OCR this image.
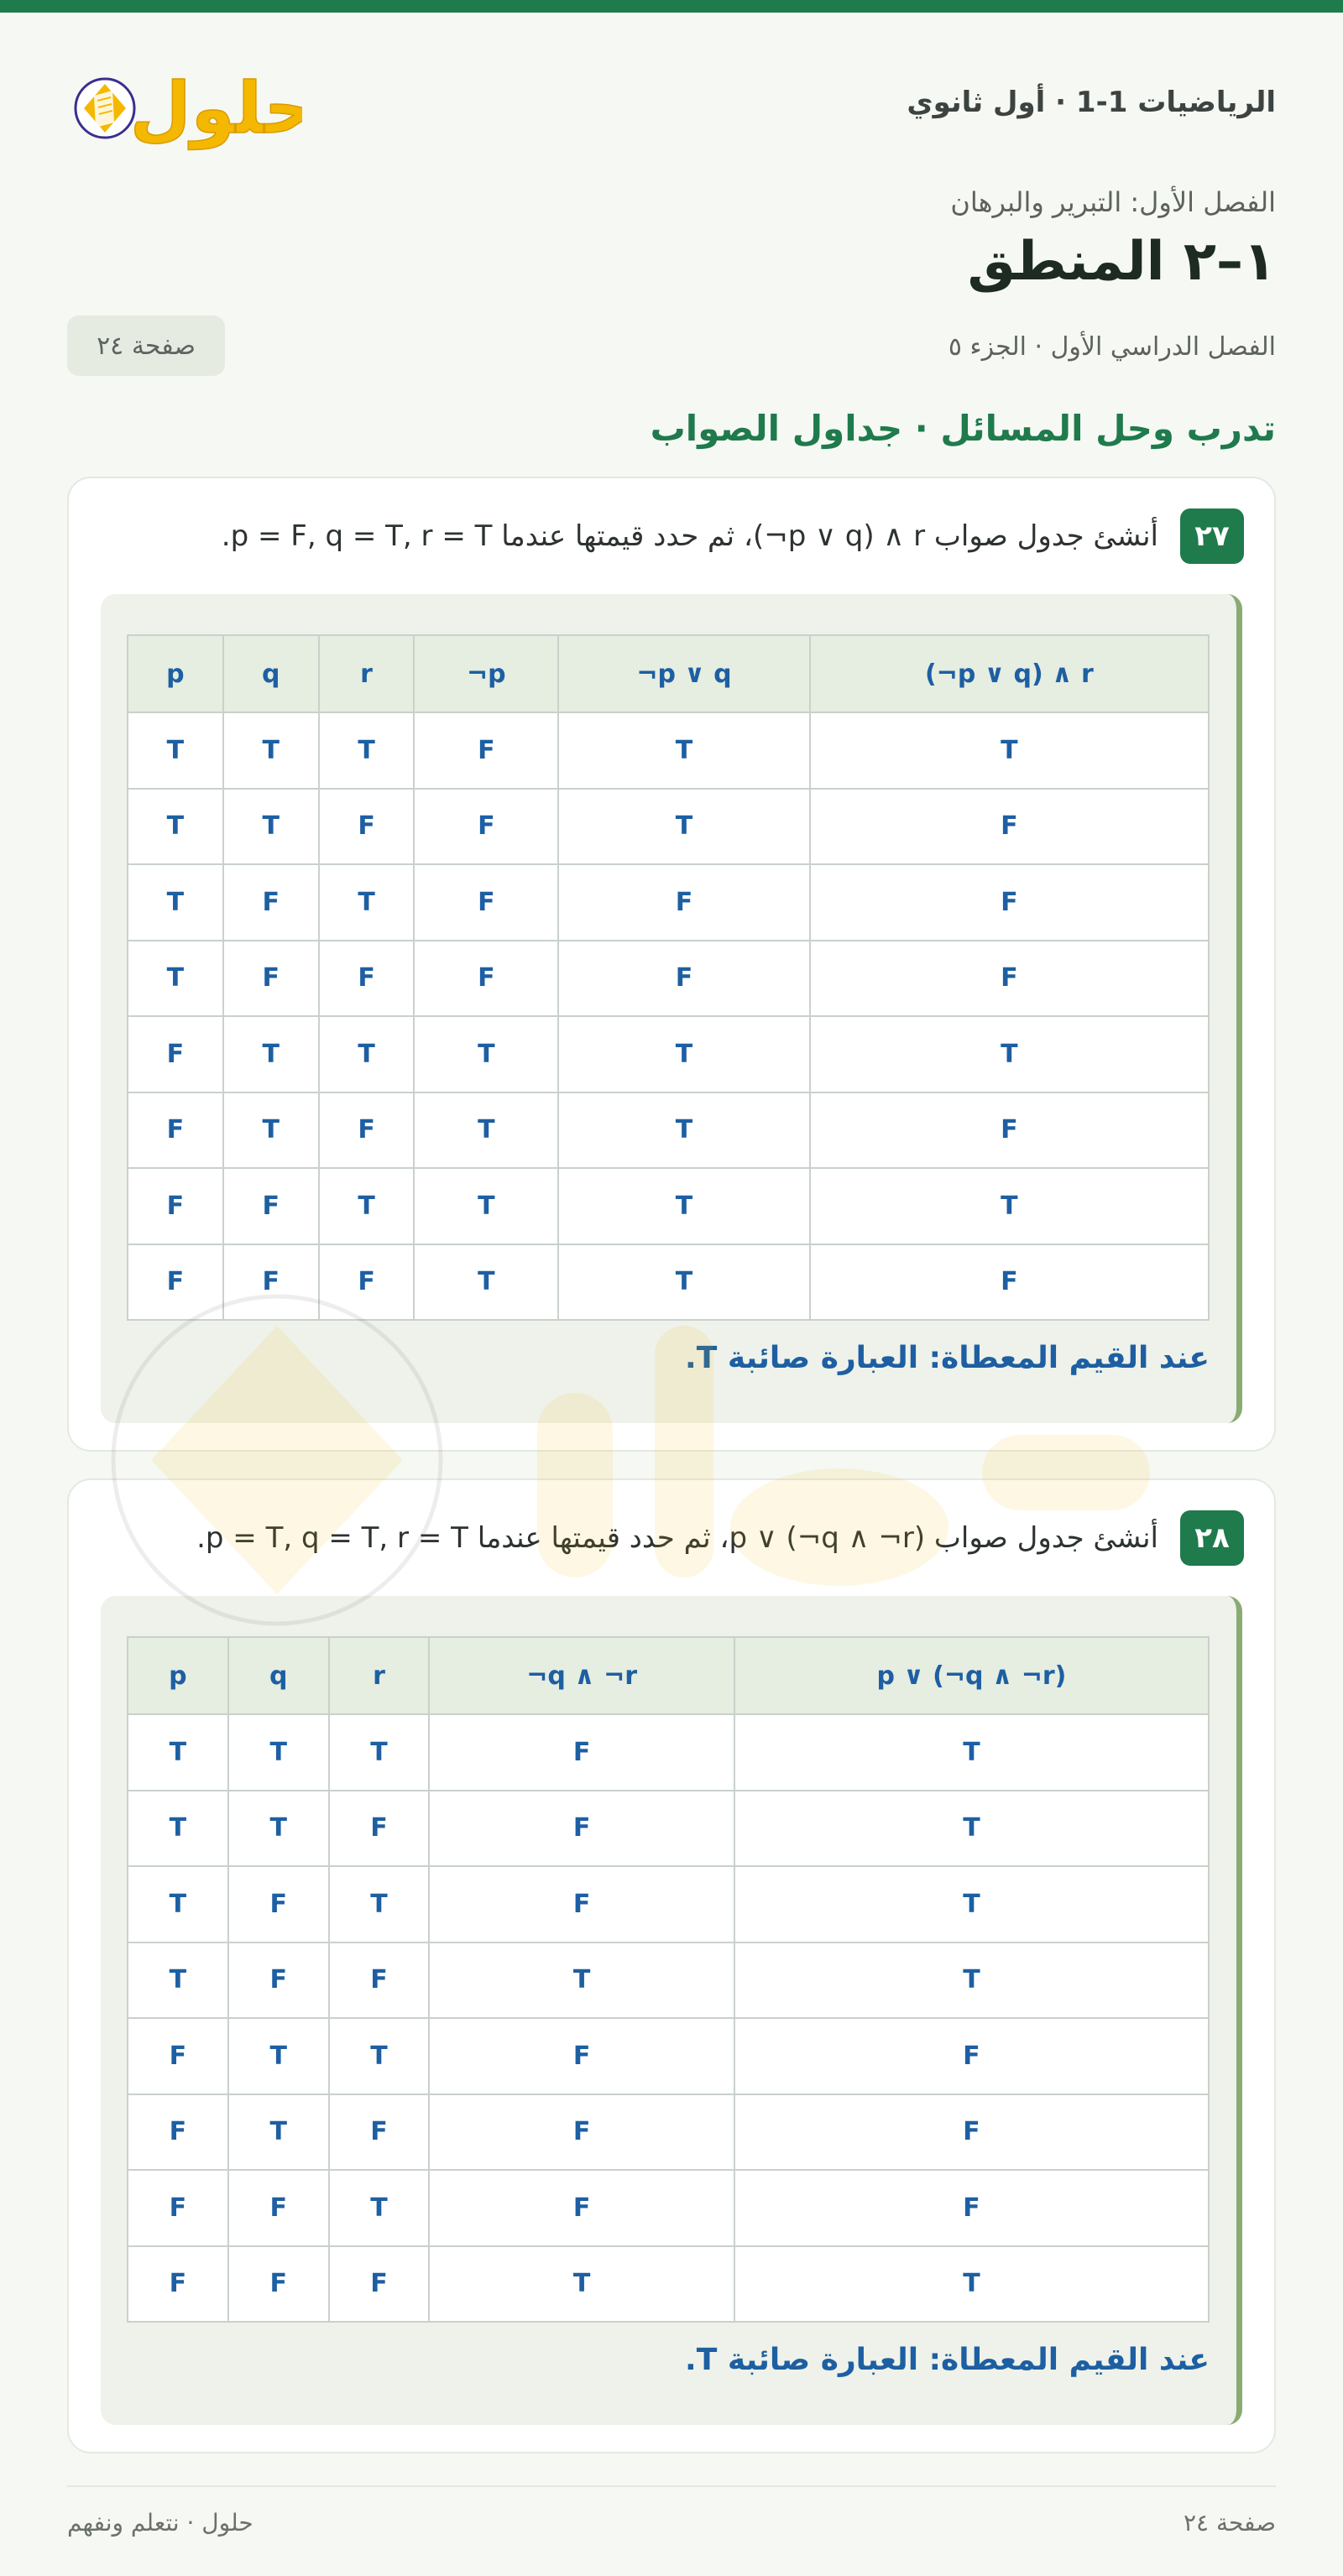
الرياضيات 1-1 · أول ثانوي
حلول
الفصل الأول: التبرير والبرهان
١–٢ المنطق
الفصل الدراسي الأول · الجزء ٥
صفحة ٢٤
تدرب وحل المسائل · جداول الصواب
٢٧
أنشئ جدول صواب (¬p ∨ q) ∧ r، ثم حدد قيمتها عندما p = F, q = T, r = T.
p	q	r	¬p	¬p ∨ q	(¬p ∨ q) ∧ r
T	T	T	F	T	T
T	T	F	F	T	F
T	F	T	F	F	F
T	F	F	F	F	F
F	T	T	T	T	T
F	T	F	T	T	F
F	F	T	T	T	T
F	F	F	T	T	F
عند القيم المعطاة: العبارة صائبة T.
٢٨
أنشئ جدول صواب p ∨ (¬q ∧ ¬r)، ثم حدد قيمتها عندما p = T, q = T, r = T.
p	q	r	¬q ∧ ¬r	p ∨ (¬q ∧ ¬r)
T	T	T	F	T
T	T	F	F	T
T	F	T	F	T
T	F	F	T	T
F	T	T	F	F
F	T	F	F	F
F	F	T	F	F
F	F	F	T	T
عند القيم المعطاة: العبارة صائبة T.
صفحة ٢٤
حلول · نتعلم ونفهم
